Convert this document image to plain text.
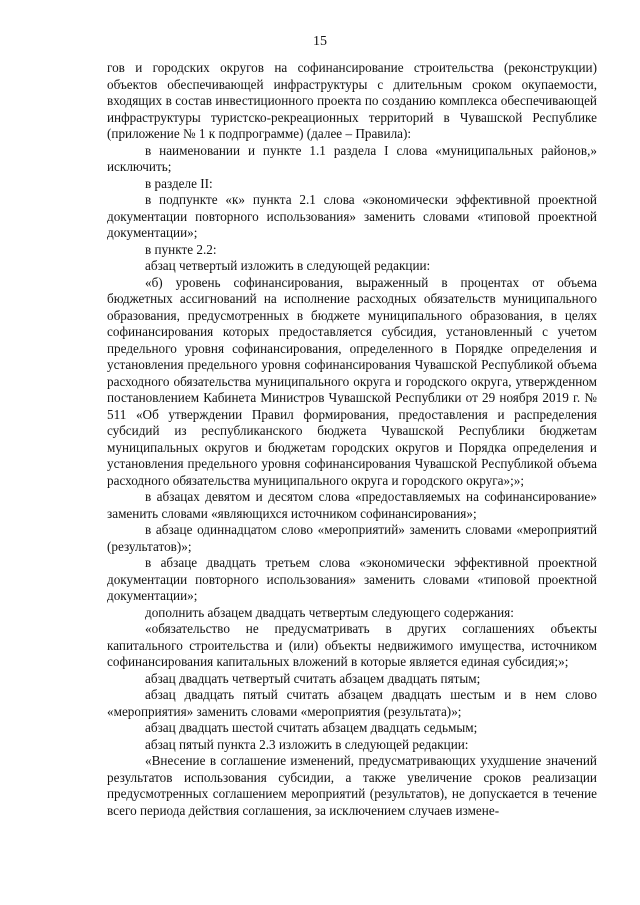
15

гов и городских округов на софинансирование строительства (реконструкции) объектов обеспечивающей инфраструктуры с длительным сроком окупаемости, входящих в состав инвестиционного проекта по созданию комплекса обеспечивающей инфраструктуры туристско-рекреационных территорий в Чувашской Республике (приложение № 1 к подпрограмме) (далее – Правила):

в наименовании и пункте 1.1 раздела I слова «муниципальных районов,» исключить;

в разделе II:

в подпункте «к» пункта 2.1 слова «экономически эффективной проектной документации повторного использования» заменить словами «типовой проектной документации»;

в пункте 2.2:

абзац четвертый изложить в следующей редакции:

«б) уровень софинансирования, выраженный в процентах от объема бюджетных ассигнований на исполнение расходных обязательств муниципального образования, предусмотренных в бюджете муниципального образования, в целях софинансирования которых предоставляется субсидия, установленный с учетом предельного уровня софинансирования, определенного в Порядке определения и установления предельного уровня софинансирования Чувашской Республикой объема расходного обязательства муниципального округа и городского округа, утвержденном постановлением Кабинета Министров Чувашской Республики от 29 ноября 2019 г. № 511 «Об утверждении Правил формирования, предоставления и распределения субсидий из республиканского бюджета Чувашской Республики бюджетам муниципальных округов и бюджетам городских округов и Порядка определения и установления предельного уровня софинансирования Чувашской Республикой объема расходного обязательства муниципального округа и городского округа»;»;

в абзацах девятом и десятом слова «предоставляемых на софинансирование» заменить словами «являющихся источником софинансирования»;

в абзаце одиннадцатом слово «мероприятий» заменить словами «мероприятий (результатов)»;

в абзаце двадцать третьем слова «экономически эффективной проектной документации повторного использования» заменить словами «типовой проектной документации»;

дополнить абзацем двадцать четвертым следующего содержания:

«обязательство не предусматривать в других соглашениях объекты капитального строительства и (или) объекты недвижимого имущества, источником софинансирования капитальных вложений в которые является единая субсидия;»;

абзац двадцать четвертый считать абзацем двадцать пятым;

абзац двадцать пятый считать абзацем двадцать шестым и в нем слово «мероприятия» заменить словами «мероприятия (результата)»;

абзац двадцать шестой считать абзацем двадцать седьмым;

абзац пятый пункта 2.3 изложить в следующей редакции:

«Внесение в соглашение изменений, предусматривающих ухудшение значений результатов использования субсидии, а также увеличение сроков реализации предусмотренных соглашением мероприятий (результатов), не допускается в течение всего периода действия соглашения, за исключением случаев измене-
